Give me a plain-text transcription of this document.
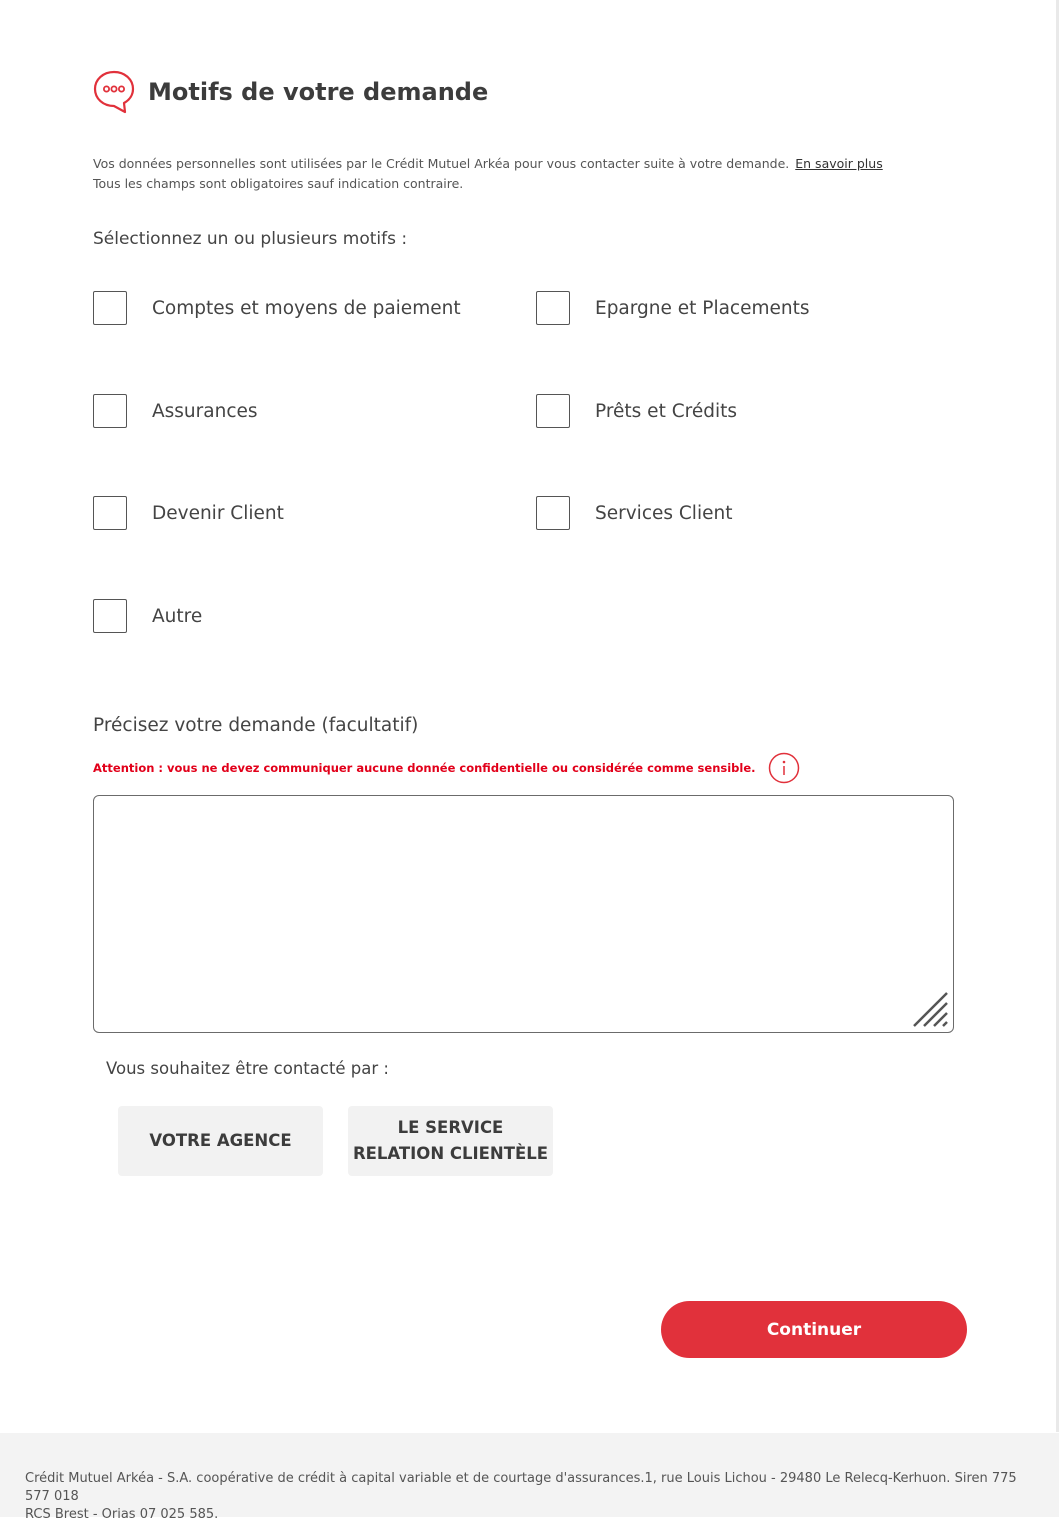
Motifs de votre demande
Vos données personnelles sont utilisées par le Crédit Mutuel Arkéa pour vous contacter suite à votre demande. En savoir plus
Tous les champs sont obligatoires sauf indication contraire.
Sélectionnez un ou plusieurs motifs :
Comptes et moyens de paiement	Epargne et Placements
Assurances	Prêts et Crédits
Devenir Client	Services Client
Autre
Précisez votre demande (facultatif)
Attention : vous ne devez communiquer aucune donnée confidentielle ou considérée comme sensible.
Vous souhaitez être contacté par :
VOTRE AGENCE
LE SERVICE
RELATION CLIENTÈLE
Continuer

Crédit Mutuel Arkéa - S.A. coopérative de crédit à capital variable et de courtage d'assurances.1, rue Louis Lichou - 29480 Le Relecq-Kerhuon. Siren 775 577 018
RCS Brest - Orias 07 025 585.
